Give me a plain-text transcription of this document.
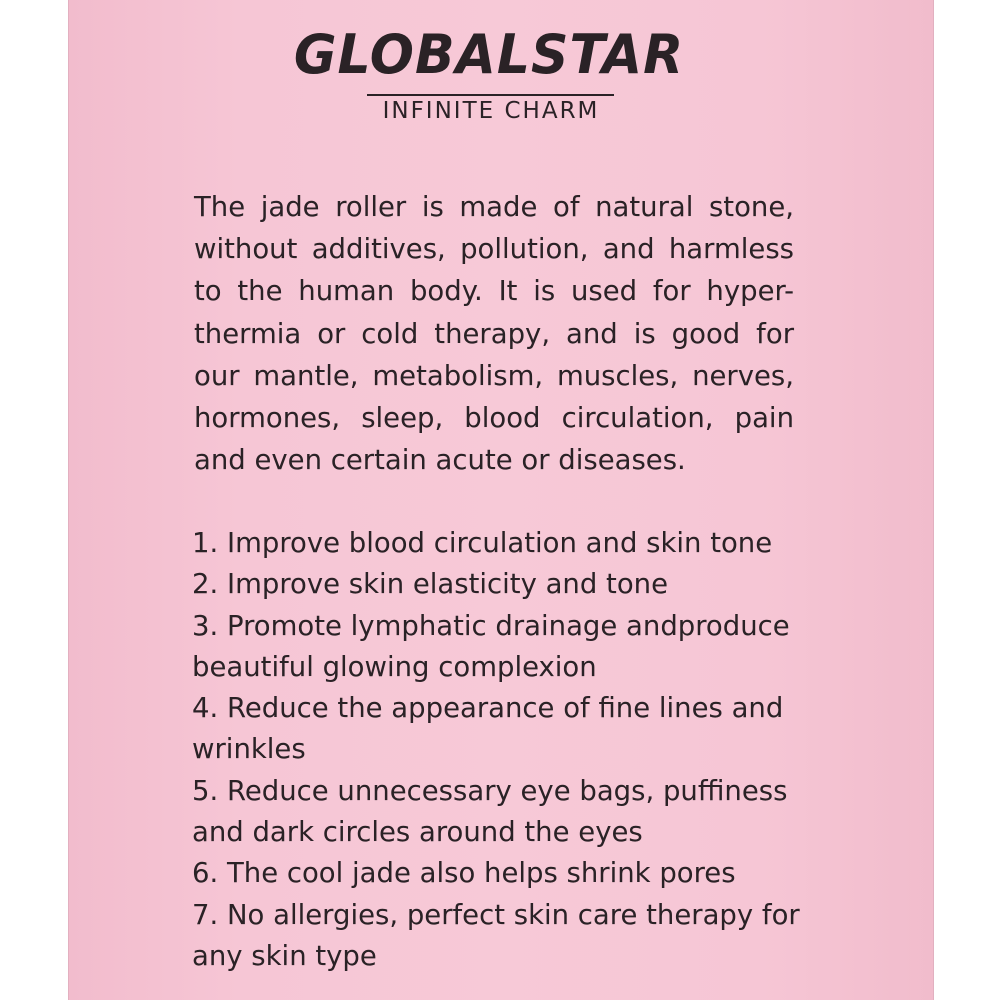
GLOBALSTAR
INFINITE CHARM
The jade roller is made of natural stone,
without additives, pollution, and harmless
to the human body. It is used for hyper-
thermia or cold therapy, and is good for
our mantle, metabolism, muscles, nerves,
hormones, sleep, blood circulation, pain
and even certain acute or diseases.
1. Improve blood circulation and skin tone
2. Improve skin elasticity and tone
3. Promote lymphatic drainage andproduce
beautiful glowing complexion
4. Reduce the appearance of fine lines and
wrinkles
5. Reduce unnecessary eye bags, puffiness
and dark circles around the eyes
6. The cool jade also helps shrink pores
7. No allergies, perfect skin care therapy for
any skin type
